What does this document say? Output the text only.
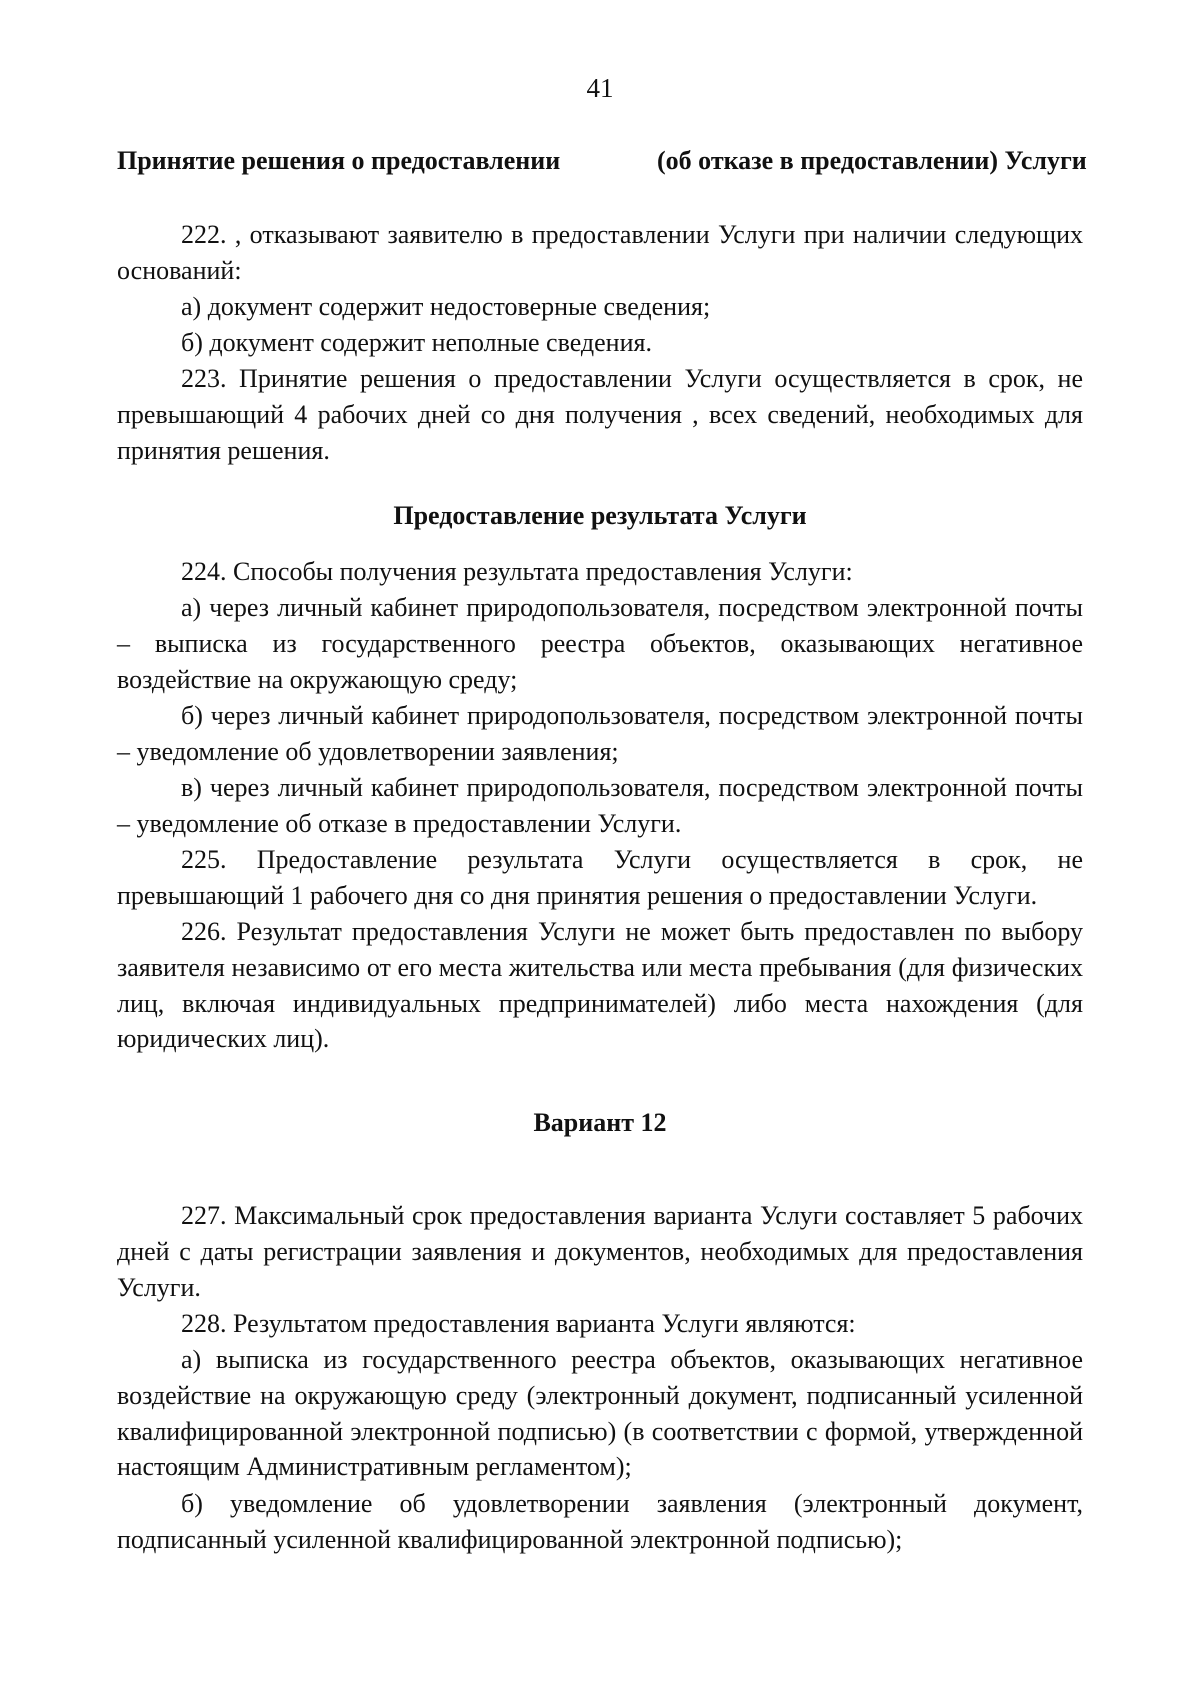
41
Принятие решения о предоставлении	(об отказе в предоставлении) Услуги

222. , отказывают заявителю в предоставлении Услуги при наличии следующих оснований:

а) документ содержит недостоверные сведения;

б) документ содержит неполные сведения.

223. Принятие решения о предоставлении Услуги осуществляется в срок, не превышающий 4 рабочих дней со дня получения , всех сведений, необходимых для принятия решения.

Предоставление результата Услуги

224. Способы получения результата предоставления Услуги:

а) через личный кабинет природопользователя, посредством электронной почты – выписка из государственного реестра объектов, оказывающих негативное воздействие на окружающую среду;

б) через личный кабинет природопользователя, посредством электронной почты – уведомление об удовлетворении заявления;

в) через личный кабинет природопользователя, посредством электронной почты – уведомление об отказе в предоставлении Услуги.

225. Предоставление результата Услуги осуществляется в срок, не превышающий 1 рабочего дня со дня принятия решения о предоставлении Услуги.

226. Результат предоставления Услуги не может быть предоставлен по выбору заявителя независимо от его места жительства или места пребывания (для физических лиц, включая индивидуальных предпринимателей) либо места нахождения (для юридических лиц).

Вариант 12

227. Максимальный срок предоставления варианта Услуги составляет 5 рабочих дней с даты регистрации заявления и документов, необходимых для предоставления Услуги.

228. Результатом предоставления варианта Услуги являются:

а) выписка из государственного реестра объектов, оказывающих негативное воздействие на окружающую среду (электронный документ, подписанный усиленной квалифицированной электронной подписью) (в соответствии с формой, утвержденной настоящим Административным регламентом);

б) уведомление об удовлетворении заявления (электронный документ, подписанный усиленной квалифицированной электронной подписью);
